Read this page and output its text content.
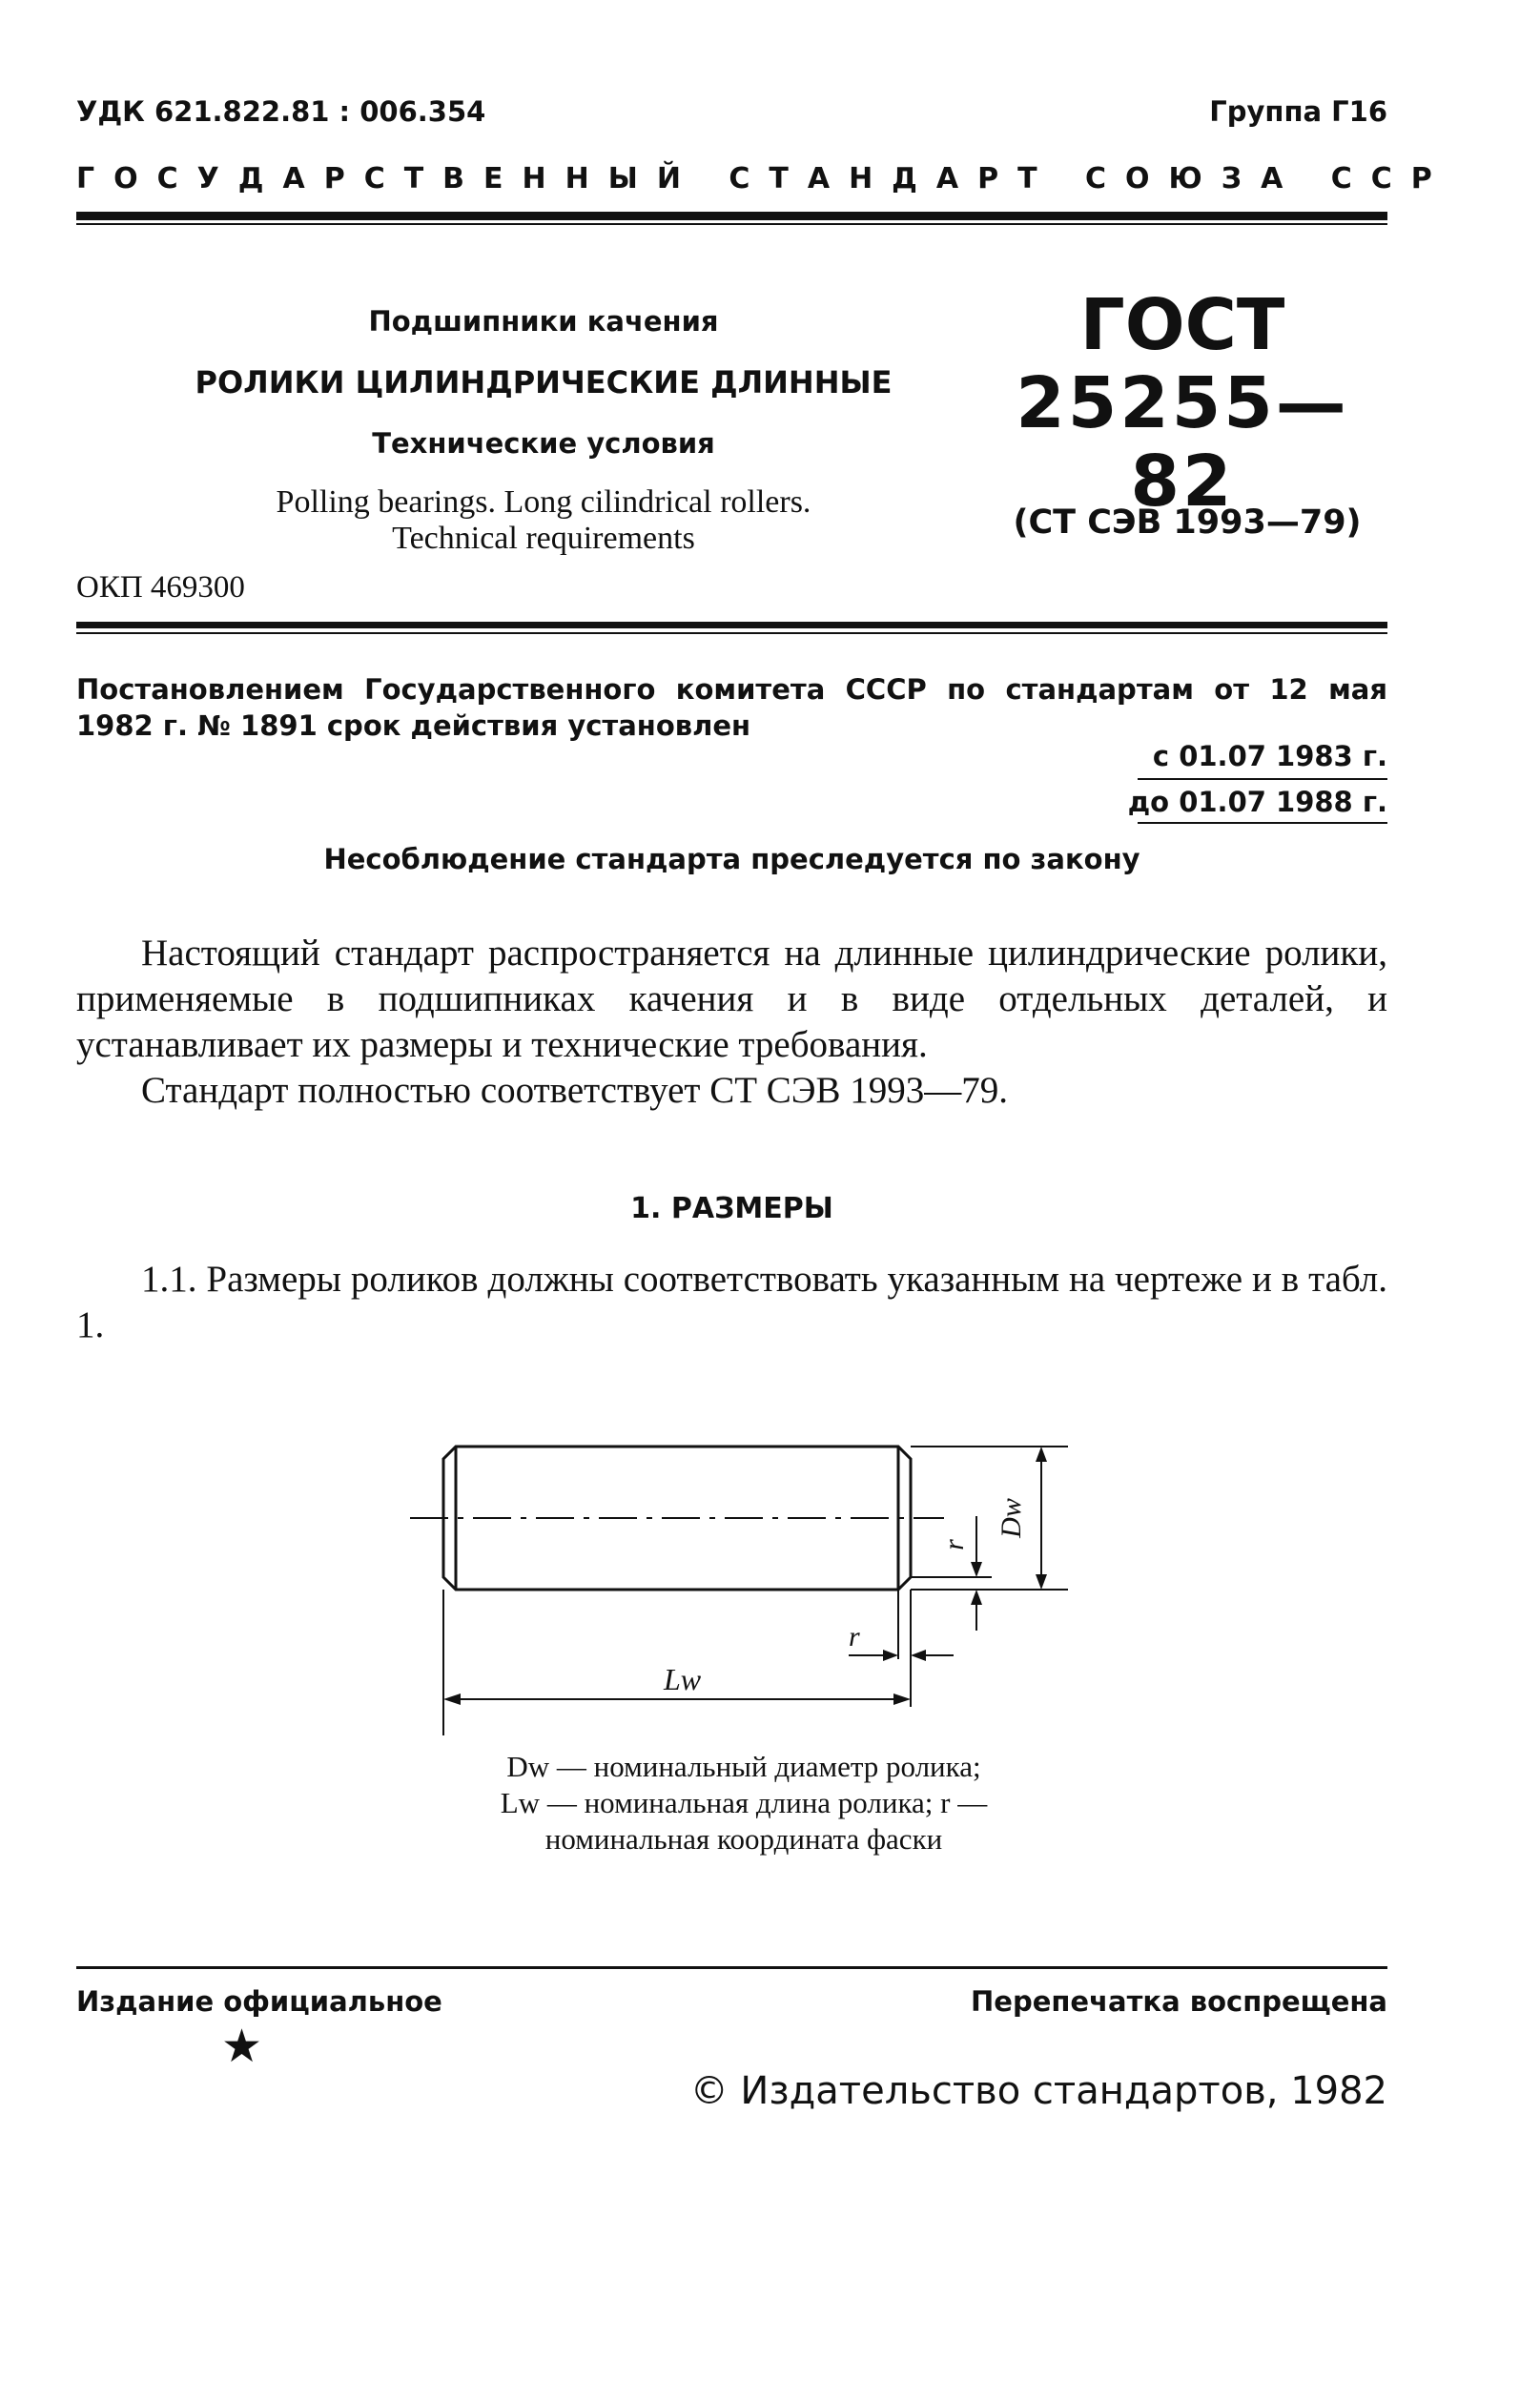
УДК 621.822.81 : 006.354	Группа Г16
ГОСУДАРСТВЕННЫЙ СТАНДАРТ СОЮЗА ССР
Подшипники качения
РОЛИКИ ЦИЛИНДРИЧЕСКИЕ ДЛИННЫЕ
Технические условия
Polling bearings. Long cilindrical rollers.
Technical requirements
ОКП 469300
ГОСТ
25255—82
(СТ СЭВ 1993—79)
Постановлением Государственного комитета СССР по стандартам от 12 мая 1982 г. № 1891 срок действия установлен
с 01.07 1983 г.
до 01.07 1988 г.
Несоблюдение стандарта преследуется по закону

Настоящий стандарт распространяется на длинные цилиндрические ролики, применяемые в подшипниках качения и в виде отдельных деталей, и устанавливает их размеры и технические требования.

Стандарт полностью соответствует СТ СЭВ 1993—79.

1. РАЗМЕРЫ

1.1. Размеры роликов должны соответствовать указанным на чертеже и в табл. 1.

Dw
r
r
Lw
Dw — номинальный диаметр ролика;
Lw — номинальная длина ролика; r —
номинальная координата фаски
Издание официальное	Перепечатка воспрещена
★
© Издательство стандартов, 1982
